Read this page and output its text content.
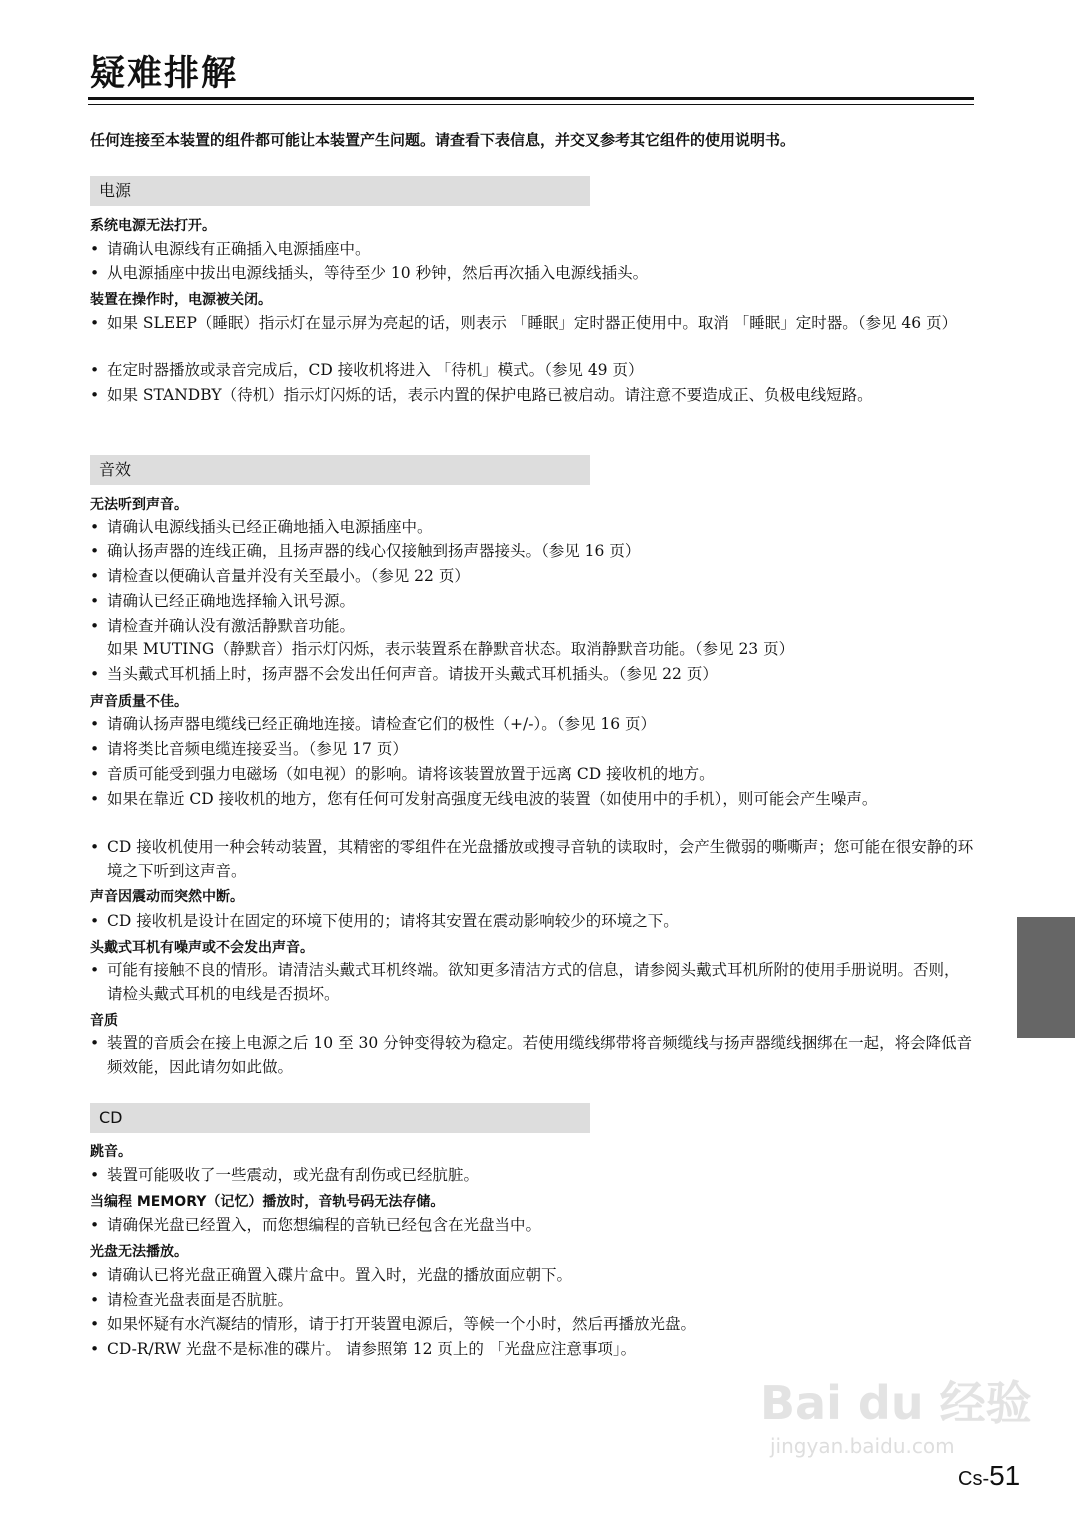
疑难排解
任何连接至本装置的组件都可能让本装置产生问题。请查看下表信息，并交叉参考其它组件的使用说明书。
电源
系统电源无法打开。
• 请确认电源线有正确插入电源插座中。
• 从电源插座中拔出电源线插头，等待至少 10 秒钟，然后再次插入电源线插头。
装置在操作时，电源被关闭。
• 如果 SLEEP（睡眠）指示灯在显示屏为亮起的话，则表示 「睡眠」定时器正使用中。取消 「睡眠」定时器。（参见 46 页）
• 在定时器播放或录音完成后，CD 接收机将进入 「待机」模式。（参见 49 页）
• 如果 STANDBY（待机）指示灯闪烁的话，表示内置的保护电路已被启动。请注意不要造成正、负极电线短路。
音效
无法听到声音。
• 请确认电源线插头已经正确地插入电源插座中。
• 确认扬声器的连线正确，且扬声器的线心仅接触到扬声器接头。（参见 16 页）
• 请检查以便确认音量并没有关至最小。（参见 22 页）
• 请确认已经正确地选择输入讯号源。
• 请检查并确认没有激活静默音功能。
如果 MUTING（静默音）指示灯闪烁，表示装置系在静默音状态。取消静默音功能。（参见 23 页）
• 当头戴式耳机插上时，扬声器不会发出任何声音。请拔开头戴式耳机插头。（参见 22 页）
声音质量不佳。
• 请确认扬声器电缆线已经正确地连接。请检查它们的极性（+/-）。（参见 16 页）
• 请将类比音频电缆连接妥当。（参见 17 页）
• 音质可能受到强力电磁场（如电视）的影响。请将该装置放置于远离 CD 接收机的地方。
• 如果在靠近 CD 接收机的地方，您有任何可发射高强度无线电波的装置（如使用中的手机），则可能会产生噪声。
• CD 接收机使用一种会转动装置，其精密的零组件在光盘播放或搜寻音轨的读取时，会产生微弱的嘶嘶声；您可能在很安静的环境之下听到这声音。
声音因震动而突然中断。
• CD 接收机是设计在固定的环境下使用的；请将其安置在震动影响较少的环境之下。
头戴式耳机有噪声或不会发出声音。
• 可能有接触不良的情形。请清洁头戴式耳机终端。欲知更多清洁方式的信息，请参阅头戴式耳机所附的使用手册说明。否则，请检头戴式耳机的电线是否损坏。
音质
• 装置的音质会在接上电源之后 10 至 30 分钟变得较为稳定。若使用缆线绑带将音频缆线与扬声器缆线捆绑在一起，将会降低音频效能，因此请勿如此做。
CD
跳音。
• 装置可能吸收了一些震动，或光盘有刮伤或已经肮脏。
当编程 MEMORY（记忆）播放时，音轨号码无法存储。
• 请确保光盘已经置入，而您想编程的音轨已经包含在光盘当中。
光盘无法播放。
• 请确认已将光盘正确置入碟片盒中。置入时，光盘的播放面应朝下。
• 请检查光盘表面是否肮脏。
• 如果怀疑有水汽凝结的情形，请于打开装置电源后，等候一个小时，然后再播放光盘。
• CD-R/RW 光盘不是标准的碟片。 请参照第 12 页上的 「光盘应注意事项」。
Bai du 经验
jingyan.baidu.com
Cs-51
